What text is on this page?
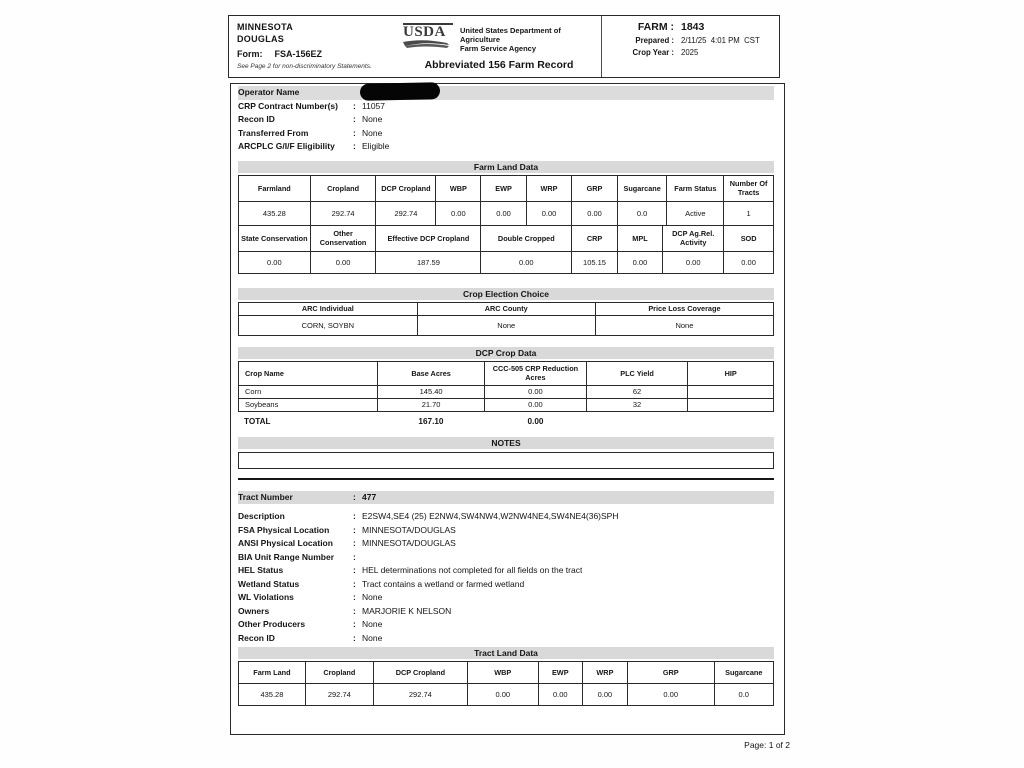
MINNESOTA
DOUGLAS
Form: FSA-156EZ
See Page 2 for non-discriminatory Statements.
USDA	United States Department of Agriculture
Farm Service Agency
Abbreviated 156 Farm Record
FARM : 1843
Prepared : 2/11/25  4:01 PM  CST
Crop Year : 2025
Operator Name
CRP Contract Number(s)	: 11057
Recon ID	: None
Transferred From	: None
ARCPLC G/I/F Eligibility	: Eligible
Farm Land Data
Farmland	Cropland	DCP Cropland	WBP	EWP	WRP	GRP	Sugarcane	Farm Status	Number Of Tracts
435.28	292.74	292.74	0.00	0.00	0.00	0.00	0.0	Active	1
State Conservation	Other Conservation	Effective DCP Cropland	Double Cropped	CRP	MPL	DCP Ag.Rel. Activity	SOD
0.00	0.00	187.59	0.00	105.15	0.00	0.00	0.00
Crop Election Choice
ARC Individual	ARC County	Price Loss Coverage
CORN, SOYBN	None	None
DCP Crop Data
Crop Name	Base Acres	CCC-505 CRP Reduction Acres	PLC Yield	HIP
Corn	145.40	0.00	62	
Soybeans	21.70	0.00	32	
TOTAL	167.10	0.00
NOTES
Tract Number	: 477
Description	: E2SW4,SE4 (25) E2NW4,SW4NW4,W2NW4NE4,SW4NE4(36)SPH
FSA Physical Location	: MINNESOTA/DOUGLAS
ANSI Physical Location	: MINNESOTA/DOUGLAS
BIA Unit Range Number	:
HEL Status	: HEL determinations not completed for all fields on the tract
Wetland Status	: Tract contains a wetland or farmed wetland
WL Violations	: None
Owners	: MARJORIE K NELSON
Other Producers	: None
Recon ID	: None
Tract Land Data
Farm Land	Cropland	DCP Cropland	WBP	EWP	WRP	GRP	Sugarcane
435.28	292.74	292.74	0.00	0.00	0.00	0.00	0.0
Page: 1 of 2
